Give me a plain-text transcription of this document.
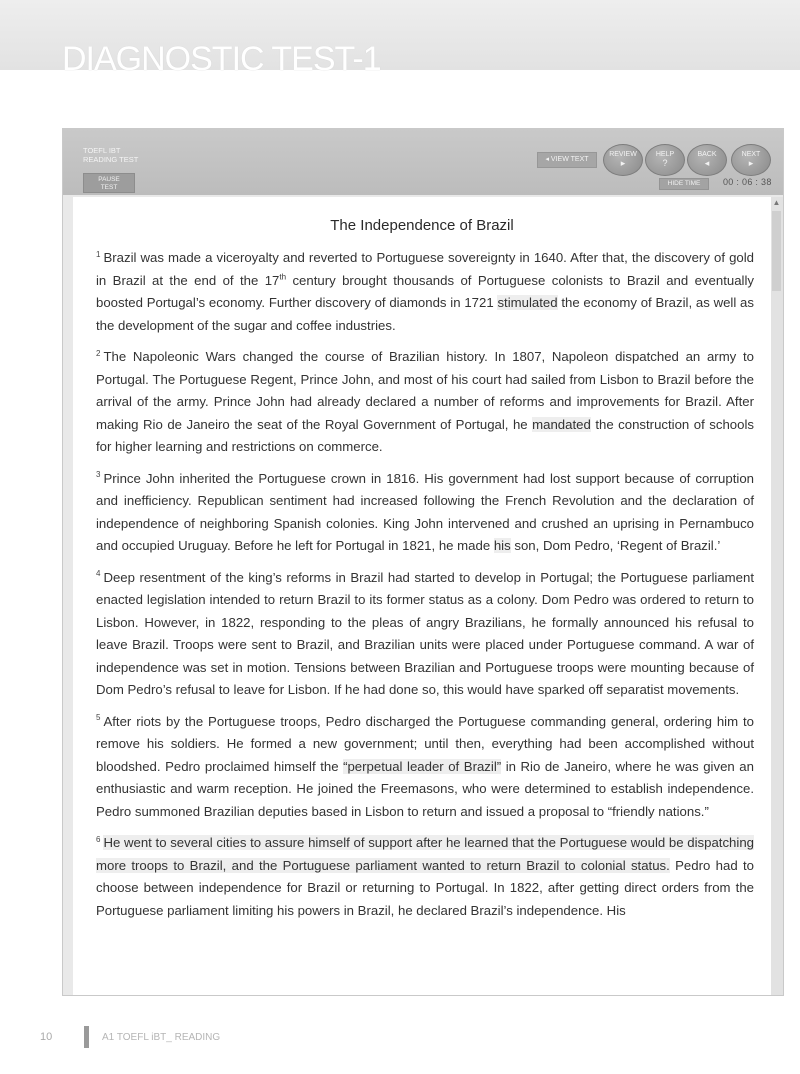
DIAGNOSTIC TEST-1
TOEFL IBT
READING TEST
PAUSE
TEST
◂ VIEW TEXT
REVIEW
▸
HELP
?
BACK
◂
NEXT
▸
HIDE TIME	00 : 06 : 38
The Independence of Brazil

$^1$ Brazil was made a viceroyalty and reverted to Portuguese sovereignty in 1640. After that, the discovery of gold in Brazil at the end of the 17th century brought thousands of Portuguese colonists to Brazil and eventually boosted Portugal’s economy. Further discovery of diamonds in 1721 stimulated the economy of Brazil, as well as the development of the sugar and coffee industries.

$^2$ The Napoleonic Wars changed the course of Brazilian history. In 1807, Napoleon dispatched an army to Portugal. The Portuguese Regent, Prince John, and most of his court had sailed from Lisbon to Brazil before the arrival of the army. Prince John had already declared a number of reforms and improvements for Brazil. After making Rio de Janeiro the seat of the Royal Government of Portugal, he mandated the construction of schools for higher learning and restrictions on commerce.

$^3$ Prince John inherited the Portuguese crown in 1816. His government had lost support because of corruption and inefficiency. Republican sentiment had increased following the French Revolution and the declaration of independence of neighboring Spanish colonies. King John intervened and crushed an uprising in Pernambuco and occupied Uruguay. Before he left for Portugal in 1821, he made his son, Dom Pedro, ‘Regent of Brazil.’

$^4$ Deep resentment of the king’s reforms in Brazil had started to develop in Portugal; the Portuguese parliament enacted legislation intended to return Brazil to its former status as a colony. Dom Pedro was ordered to return to Lisbon. However, in 1822, responding to the pleas of angry Brazilians, he formally announced his refusal to leave Brazil. Troops were sent to Brazil, and Brazilian units were placed under Portuguese command. A war of independence was set in motion. Tensions between Brazilian and Portuguese troops were mounting because of Dom Pedro’s refusal to leave for Lisbon. If he had done so, this would have sparked off separatist movements.

$^5$ After riots by the Portuguese troops, Pedro discharged the Portuguese commanding general, ordering him to remove his soldiers. He formed a new government; until then, everything had been accomplished without bloodshed. Pedro proclaimed himself the “perpetual leader of Brazil” in Rio de Janeiro, where he was given an enthusiastic and warm reception. He joined the Freemasons, who were determined to establish independence. Pedro summoned Brazilian deputies based in Lisbon to return and issued a proposal to “friendly nations.”

$^6$ He went to several cities to assure himself of support after he learned that the Portuguese would be dispatching more troops to Brazil, and the Portuguese parliament wanted to return Brazil to colonial status. Pedro had to choose between independence for Brazil or returning to Portugal. In 1822, after getting direct orders from the Portuguese parliament limiting his powers in Brazil, he declared Brazil’s independence. His

▲
10	A1 TOEFL iBT_ READING
